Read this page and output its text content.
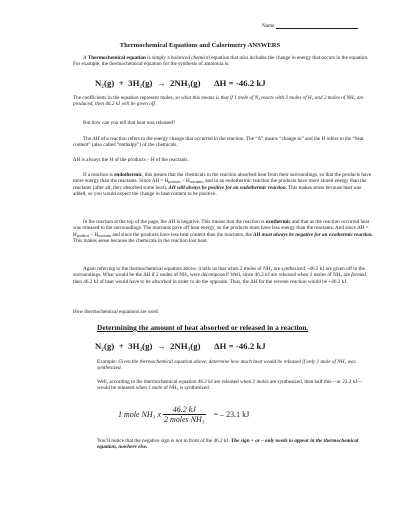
Name
Thermochemical Equations and Calorimetry ANSWERS
A Thermochemical equation is simply a balanced chemical equation that also includes the change in energy that occurs in the equation. For example, the thermochemical equation for the synthesis of ammonia is:
N₂(g)  +  3H₂(g)  →  2NH₃(g)      ΔH = -46.2 kJ
The coefficients in the equation represent moles, so what this means is that if 1 mole of N₂ reacts with 3 moles of H₂ and 2 moles of NH₃ are produced, then 46.2 kJ will be given off.
But how can you tell that heat was released?
The ΔH of a reaction refers to the energy change that occurred in the reaction. The “Δ” means “change in” and the H refers to the “heat content” (also called “enthalpy”) of the chemicals.
ΔH is always the H of the products – H of the reactants.
If a reaction is endothermic, this means that the chemicals in the reaction absorbed heat from their surroundings, so that the products have more energy than the reactants. Since $\Delta H = H_{products} - H_{reactants}$, and in an endothermic reaction the products have more stored energy than the reactants (after all, they absorbed some heat), ΔH will always be positive for an endothermic reaction. This makes sense because heat was added, so you would expect the change in heat content to be positive.
In the reaction at the top of the page, the ΔH is negative. This means that the reaction is exothermic and that as the reaction occurred heat was released to the surroundings. The reactants gave off heat energy, so the products must have less energy than the reactants. And since $\Delta H = H_{products} - H_{reactants}$ and since the products have less heat content than the reactants, the ΔH must always be negative for an exothermic reaction. This makes sense because the chemicals in the reaction lost heat.
Again referring to the thermochemical equation above, it tells us that when 2 moles of NH₃ are synthesized, -46.2 kJ are given off to the surroundings. What would be the ΔH if 2 moles of NH₃ were decomposed? Well, since 46.2 kJ are released when 2 moles of NH₃ are formed, then 46.2 kJ of heat would have to be absorbed in order to do the opposite. Thus, the ΔH for the reverse reaction would be +46.2 kJ.
How thermochemical equations are used:
Determining the amount of heat absorbed or released in a reaction.
N₂(g)  +  3H₂(g)  →  2NH₃(g)      ΔH = -46.2 kJ
Example: Given the thermochemical equation above, determine how much heat would be released if only 1 mole of NH₃ was synthesized.
Well, according to the thermochemical equation 46.2 kJ are released when 2 moles are synthesized, then half this—or 23.2 kJ—would be released when 1 mole of NH₃ is synthesized.
1 mole NH₃ x $\frac{46.2 kJ}{\text{2 moles NH₃}}$ = – 23.1 kJ
You’ll notice that the negative sign is not in front of the 46.2 kJ. The sign + or – only needs to appear in the thermochemical equation, nowhere else.
